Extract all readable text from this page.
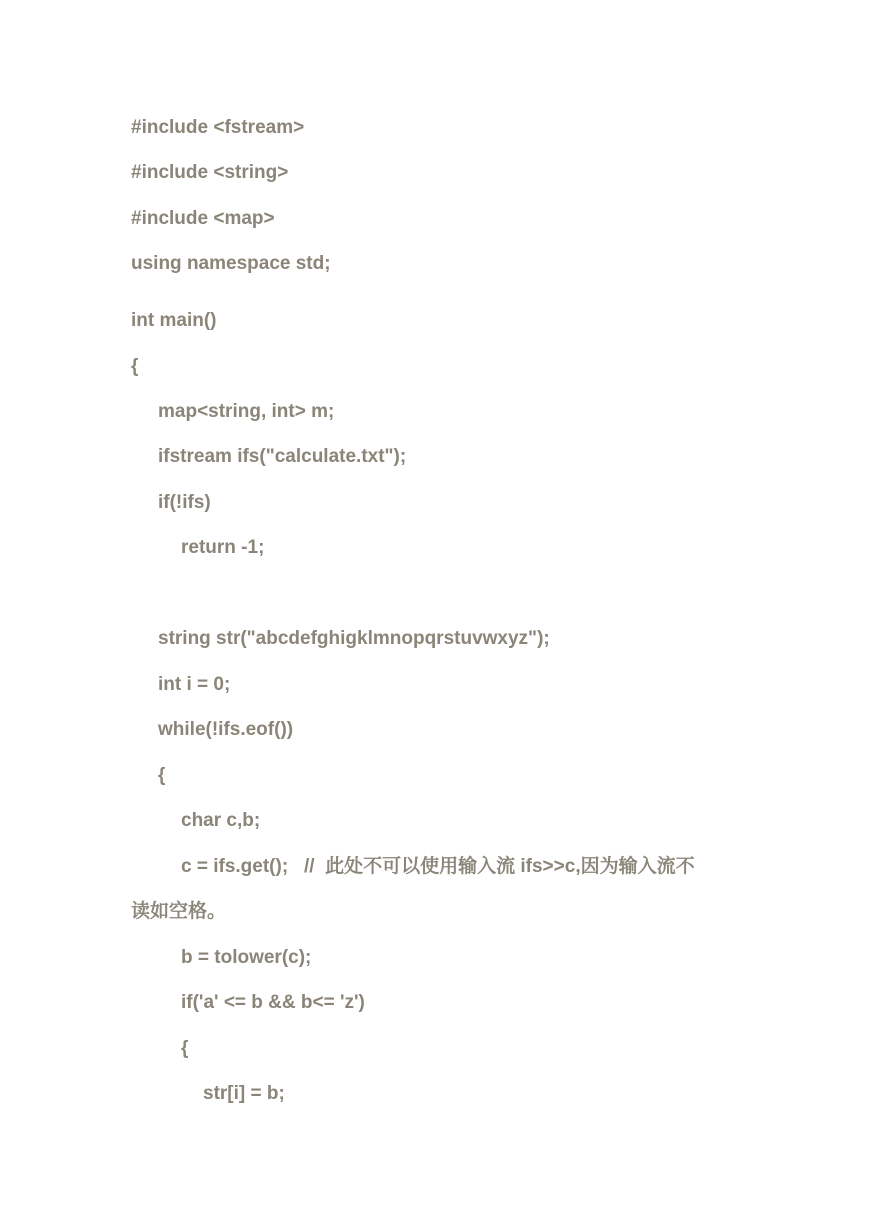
#include <fstream>
#include <string>
#include <map>
using namespace std;
int main()
{
map<string, int> m;
ifstream ifs("calculate.txt");
if(!ifs)
return -1;
string str("abcdefghigklmnopqrstuvwxyz");
int i = 0;
while(!ifs.eof())
{
char c,b;
c = ifs.get();   //  此处不可以使用输入流 ifs>>c,因为输入流不
读如空格。
b = tolower(c);
if('a' <= b && b<= 'z')
{
str[i] = b;
